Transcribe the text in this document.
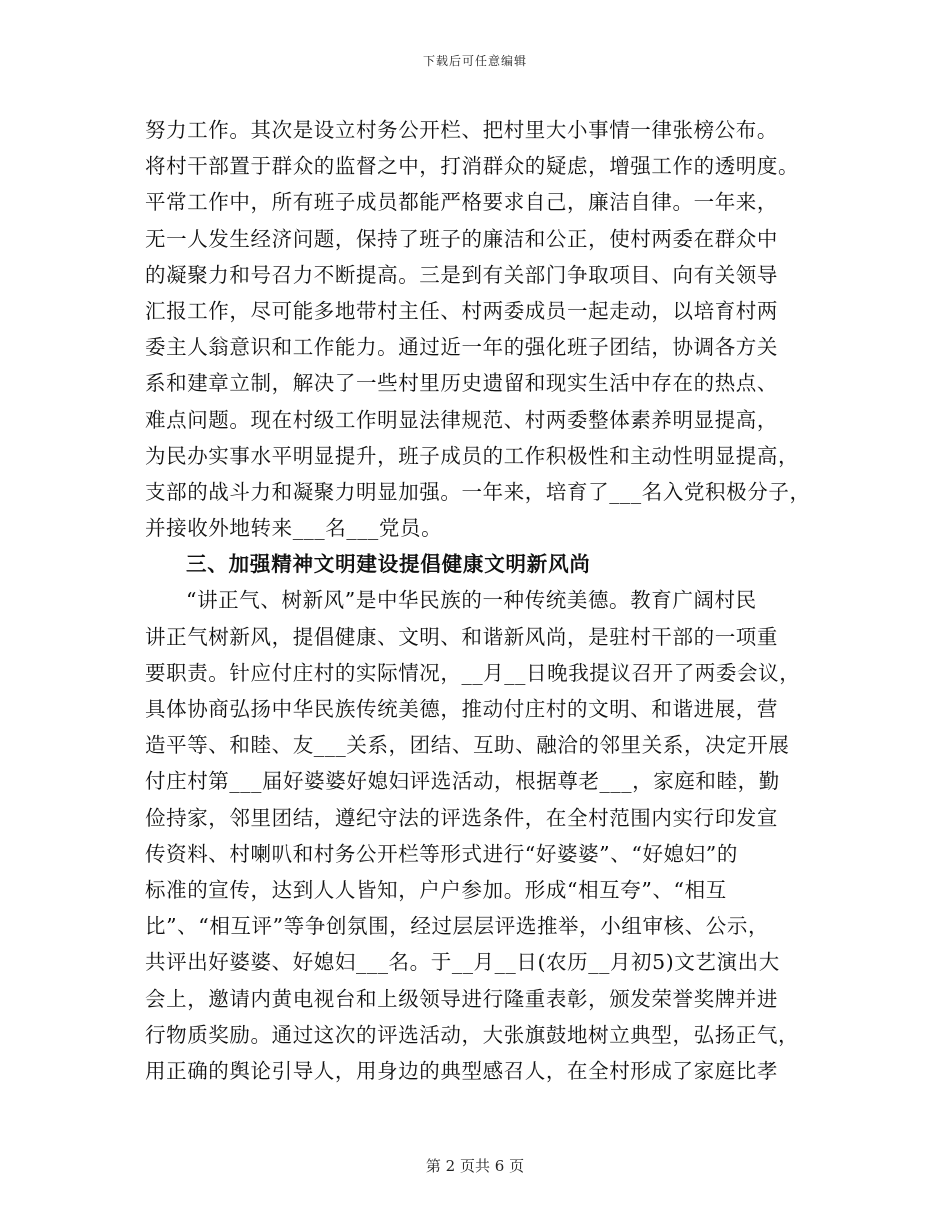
下载后可任意编辑
努力工作。其次是设立村务公开栏、把村里大小事情一律张榜公布。
将村干部置于群众的监督之中，打消群众的疑虑，增强工作的透明度。
平常工作中，所有班子成员都能严格要求自己，廉洁自律。一年来，
无一人发生经济问题，保持了班子的廉洁和公正，使村两委在群众中
的凝聚力和号召力不断提高。三是到有关部门争取项目、向有关领导
汇报工作，尽可能多地带村主任、村两委成员一起走动，以培育村两
委主人翁意识和工作能力。通过近一年的强化班子团结，协调各方关
系和建章立制，解决了一些村里历史遗留和现实生活中存在的热点、
难点问题。现在村级工作明显法律规范、村两委整体素养明显提高，
为民办实事水平明显提升，班子成员的工作积极性和主动性明显提高，
支部的战斗力和凝聚力明显加强。一年来，培育了___名入党积极分子，
并接收外地转来___名___党员。
三、加强精神文明建设提倡健康文明新风尚
“讲正气、树新风”是中华民族的一种传统美德。教育广阔村民
讲正气树新风，提倡健康、文明、和谐新风尚，是驻村干部的一项重
要职责。针应付庄村的实际情况，__月__日晚我提议召开了两委会议，
具体协商弘扬中华民族传统美德，推动付庄村的文明、和谐进展，营
造平等、和睦、友___关系，团结、互助、融洽的邻里关系，决定开展
付庄村第___届好婆婆好媳妇评选活动，根据尊老___，家庭和睦，勤
俭持家，邻里团结，遵纪守法的评选条件，在全村范围内实行印发宣
传资料、村喇叭和村务公开栏等形式进行“好婆婆”、“好媳妇”的
标准的宣传，达到人人皆知，户户参加。形成“相互夸”、“相互
比”、“相互评”等争创氛围，经过层层评选推举，小组审核、公示，
共评出好婆婆、好媳妇___名。于__月__日(农历__月初5)文艺演出大
会上，邀请内黄电视台和上级领导进行隆重表彰，颁发荣誉奖牌并进
行物质奖励。通过这次的评选活动，大张旗鼓地树立典型，弘扬正气，
用正确的舆论引导人，用身边的典型感召人，在全村形成了家庭比孝
第 2 页共 6 页
